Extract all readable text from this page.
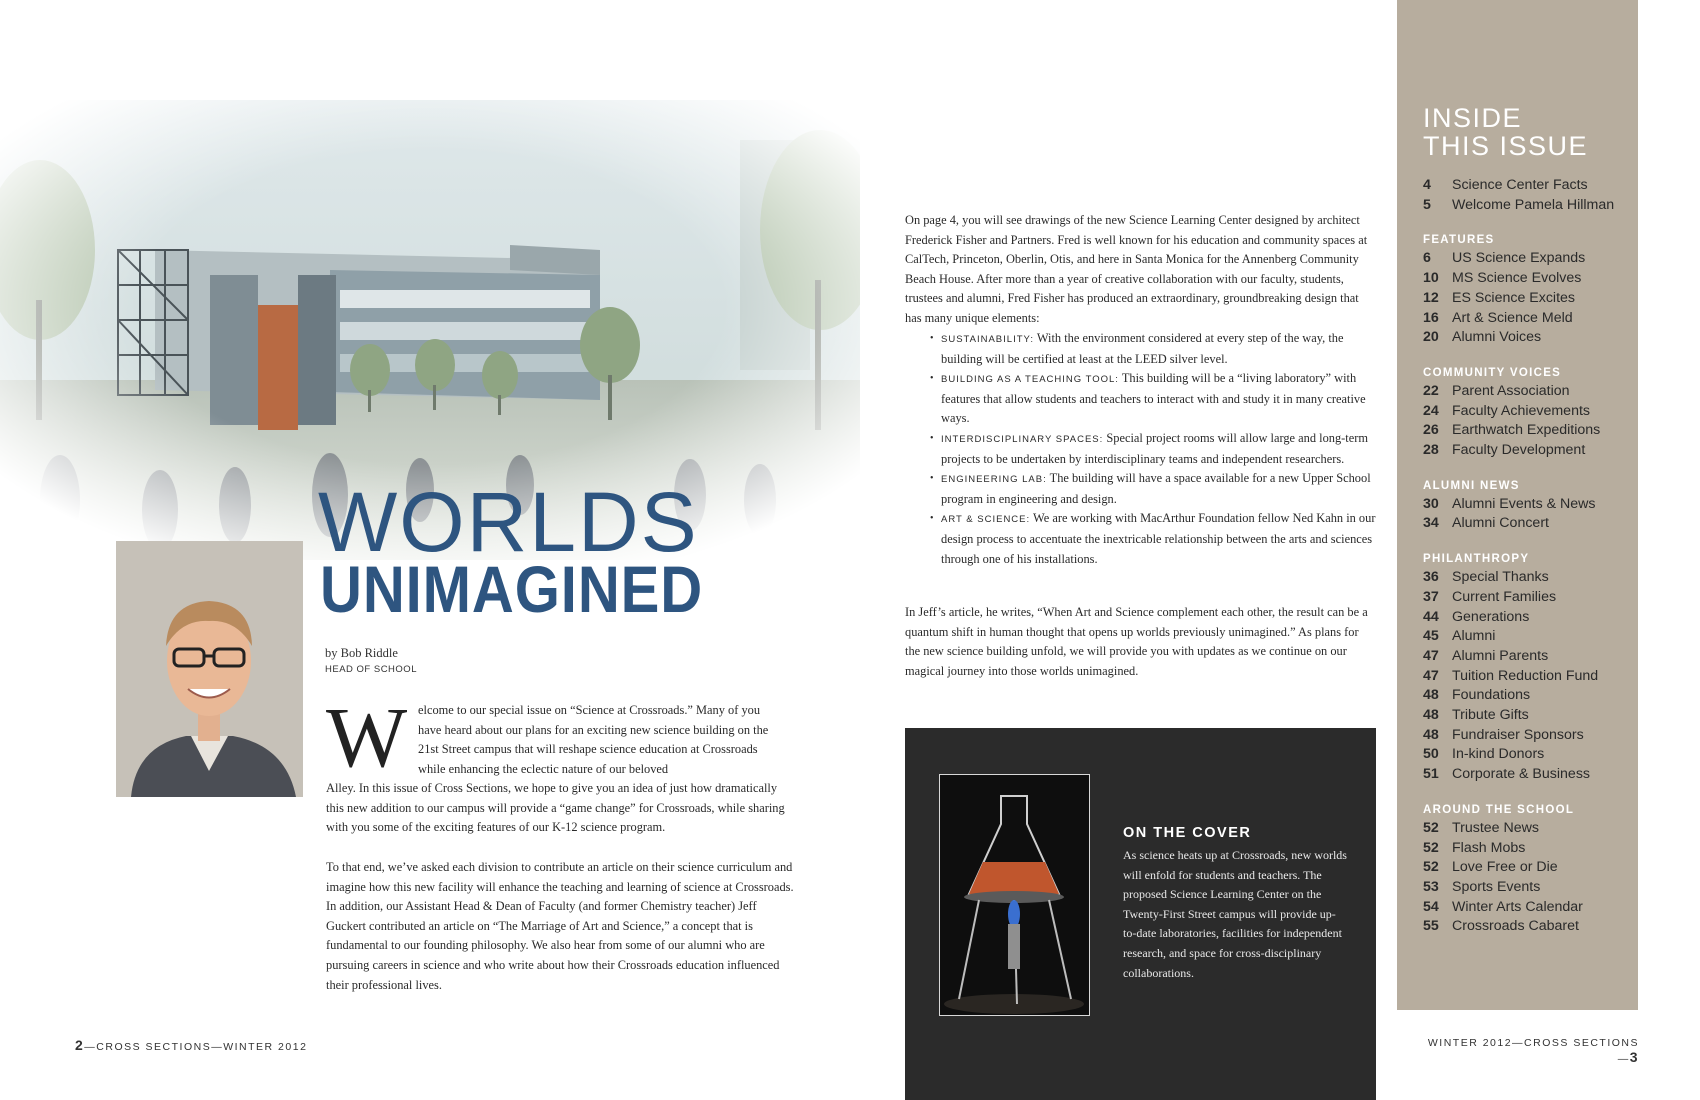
WORLDS
UNIMAGINED
by Bob Riddle
HEAD OF SCHOOL
W elcome to our special issue on “Science at Crossroads.” Many of you have heard about our plans for an exciting new science building on the 21st Street campus that will reshape science education at Crossroads while enhancing the eclectic nature of our beloved
Alley. In this issue of Cross Sections, we hope to give you an idea of just how dramatically this new addition to our campus will provide a “game change” for Crossroads, while sharing with you some of the exciting features of our K-12 science program.
To that end, we’ve asked each division to contribute an article on their science curriculum and imagine how this new facility will enhance the teaching and learning of science at Crossroads. In addition, our Assistant Head & Dean of Faculty (and former Chemistry teacher) Jeff Guckert contributed an article on “The Marriage of Art and Science,” a concept that is fundamental to our founding philosophy. We also hear from some of our alumni who are pursuing careers in science and who write about how their Crossroads education influenced their professional lives.
On page 4, you will see drawings of the new Science Learning Center designed by architect Frederick Fisher and Partners. Fred is well known for his education and community spaces at CalTech, Princeton, Oberlin, Otis, and here in Santa Monica for the Annenberg Community Beach House. After more than a year of creative collaboration with our faculty, students, trustees and alumni, Fred Fisher has produced an extraordinary, groundbreaking design that has many unique elements:
• SUSTAINABILITY: With the environment considered at every step of the way, the building will be certified at least at the LEED silver level.
• BUILDING AS A TEACHING TOOL: This building will be a “living laboratory” with features that allow students and teachers to interact with and study it in many creative ways.
• INTERDISCIPLINARY SPACES: Special project rooms will allow large and long-term projects to be undertaken by interdisciplinary teams and independent researchers.
• ENGINEERING LAB: The building will have a space available for a new Upper School program in engineering and design.
• ART & SCIENCE: We are working with MacArthur Foundation fellow Ned Kahn in our design process to accentuate the inextricable relationship between the arts and sciences through one of his installations.
In Jeff’s article, he writes, “When Art and Science complement each other, the result can be a quantum shift in human thought that opens up worlds previously unimagined.” As plans for the new science building unfold, we will provide you with updates as we continue on our magical journey into those worlds unimagined.
ON THE COVER
As science heats up at Crossroads, new worlds will enfold for students and teachers. The proposed Science Learning Center on the Twenty-First Street campus will provide up-to-date laboratories, facilities for independent research, and space for cross-disciplinary collaborations.
INSIDE
THIS ISSUE
4 Science Center Facts
5 Welcome Pamela Hillman
FEATURES
6 US Science Expands
10 MS Science Evolves
12 ES Science Excites
16 Art & Science Meld
20 Alumni Voices
COMMUNITY VOICES
22 Parent Association
24 Faculty Achievements
26 Earthwatch Expeditions
28 Faculty Development
ALUMNI NEWS
30 Alumni Events & News
34 Alumni Concert
PHILANTHROPY
36 Special Thanks
37 Current Families
44 Generations
45 Alumni
47 Alumni Parents
47 Tuition Reduction Fund
48 Foundations
48 Tribute Gifts
48 Fundraiser Sponsors
50 In-kind Donors
51 Corporate & Business
AROUND THE SCHOOL
52 Trustee News
52 Flash Mobs
52 Love Free or Die
53 Sports Events
54 Winter Arts Calendar
55 Crossroads Cabaret
2—CROSS SECTIONS—WINTER 2012	WINTER 2012—CROSS SECTIONS—3
